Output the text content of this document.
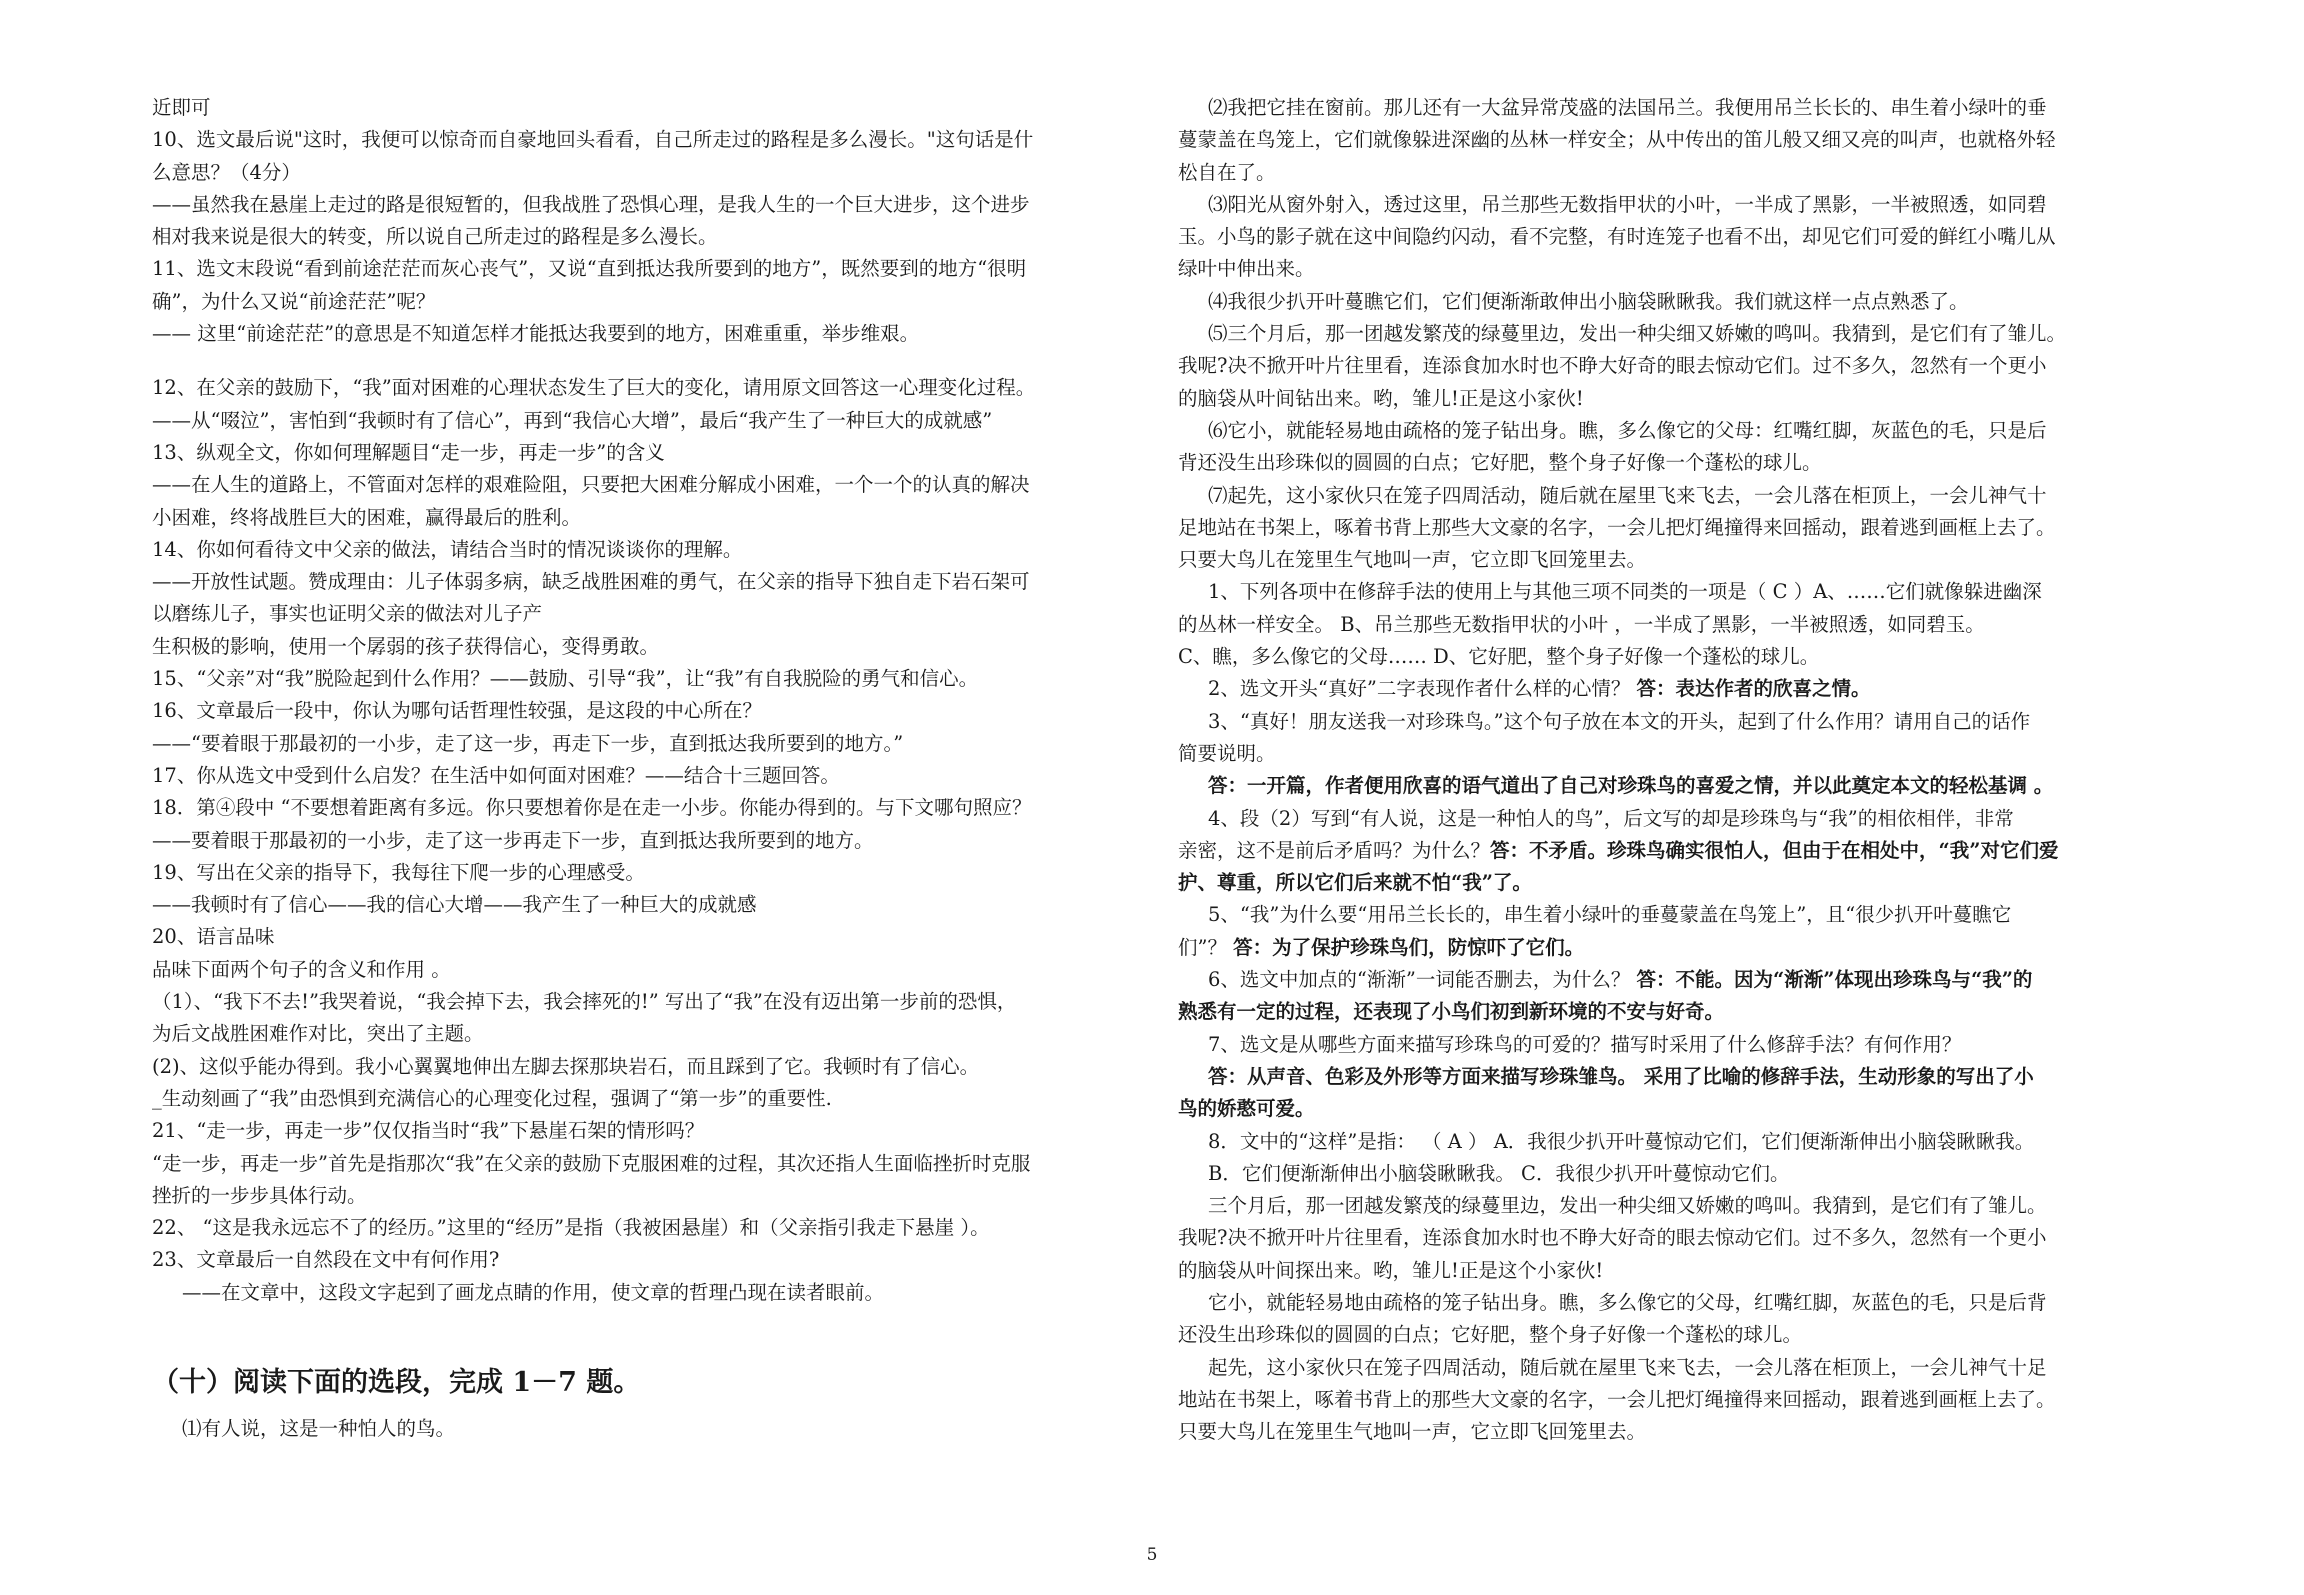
近即可
10、选文最后说"这时，我便可以惊奇而自豪地回头看看，自己所走过的路程是多么漫长。"这句话是什
么意思？（4分）
——虽然我在悬崖上走过的路是很短暂的，但我战胜了恐惧心理，是我人生的一个巨大进步，这个进步
相对我来说是很大的转变，所以说自己所走过的路程是多么漫长。
11、选文末段说“看到前途茫茫而灰心丧气”，又说“直到抵达我所要到的地方”，既然要到的地方“很明
确”，为什么又说“前途茫茫”呢？
—— 这里“前途茫茫”的意思是不知道怎样才能抵达我要到的地方，困难重重，举步维艰。
12、在父亲的鼓励下，“我”面对困难的心理状态发生了巨大的变化，请用原文回答这一心理变化过程。
——从“啜泣”，害怕到“我顿时有了信心”，再到“我信心大增”，最后“我产生了一种巨大的成就感”
13、纵观全文，你如何理解题目“走一步，再走一步”的含义
——在人生的道路上，不管面对怎样的艰难险阻，只要把大困难分解成小困难，一个一个的认真的解决
小困难，终将战胜巨大的困难，赢得最后的胜利。
14、你如何看待文中父亲的做法，请结合当时的情况谈谈你的理解。
——开放性试题。赞成理由：儿子体弱多病，缺乏战胜困难的勇气，在父亲的指导下独自走下岩石架可
以磨练儿子，事实也证明父亲的做法对儿子产
生积极的影响，使用一个孱弱的孩子获得信心，变得勇敢。
15、“父亲”对“我”脱险起到什么作用？——鼓励、引导“我”，让“我”有自我脱险的勇气和信心。
16、文章最后一段中，你认为哪句话哲理性较强，是这段的中心所在？
——“要着眼于那最初的一小步，走了这一步，再走下一步，直到抵达我所要到的地方。”
17、你从选文中受到什么启发？在生活中如何面对困难？——结合十三题回答。
18．第④段中 “不要想着距离有多远。你只要想着你是在走一小步。你能办得到的。与下文哪句照应？
——要着眼于那最初的一小步，走了这一步再走下一步，直到抵达我所要到的地方。
19、写出在父亲的指导下，我每往下爬一步的心理感受。
——我顿时有了信心——我的信心大增——我产生了一种巨大的成就感
20、语言品味
品味下面两个句子的含义和作用 。
（1）、“我下不去!”我哭着说，“我会掉下去，我会摔死的!” 写出了“我”在没有迈出第一步前的恐惧，
为后文战胜困难作对比，突出了主题。
(2)、这似乎能办得到。我小心翼翼地伸出左脚去探那块岩石，而且踩到了它。我顿时有了信心。
_生动刻画了“我”由恐惧到充满信心的心理变化过程，强调了“第一步”的重要性.
21、“走一步，再走一步”仅仅指当时“我”下悬崖石架的情形吗？
“走一步，再走一步”首先是指那次“我”在父亲的鼓励下克服困难的过程，其次还指人生面临挫折时克服
挫折的一步步具体行动。
22、 “这是我永远忘不了的经历。”这里的“经历”是指（我被困悬崖）和（父亲指引我走下悬崖 ）。
23、文章最后一自然段在文中有何作用?
——在文章中，这段文字起到了画龙点睛的作用，使文章的哲理凸现在读者眼前。
（十）阅读下面的选段，完成 1－7 题。
⑴有人说，这是一种怕人的鸟。
⑵我把它挂在窗前。那儿还有一大盆异常茂盛的法国吊兰。我便用吊兰长长的、串生着小绿叶的垂
蔓蒙盖在鸟笼上，它们就像躲进深幽的丛林一样安全；从中传出的笛儿般又细又亮的叫声，也就格外轻
松自在了。
⑶阳光从窗外射入，透过这里，吊兰那些无数指甲状的小叶，一半成了黑影，一半被照透，如同碧
玉。小鸟的影子就在这中间隐约闪动，看不完整，有时连笼子也看不出，却见它们可爱的鲜红小嘴儿从
绿叶中伸出来。
⑷我很少扒开叶蔓瞧它们，它们便渐渐敢伸出小脑袋瞅瞅我。我们就这样一点点熟悉了。
⑸三个月后，那一团越发繁茂的绿蔓里边，发出一种尖细又娇嫩的鸣叫。我猜到，是它们有了雏儿。
我呢?决不掀开叶片往里看，连添食加水时也不睁大好奇的眼去惊动它们。过不多久，忽然有一个更小
的脑袋从叶间钻出来。哟，雏儿!正是这小家伙!
⑹它小，就能轻易地由疏格的笼子钻出身。瞧，多么像它的父母：红嘴红脚，灰蓝色的毛，只是后
背还没生出珍珠似的圆圆的白点；它好肥，整个身子好像一个蓬松的球儿。
⑺起先，这小家伙只在笼子四周活动，随后就在屋里飞来飞去，一会儿落在柜顶上，一会儿神气十
足地站在书架上，啄着书背上那些大文豪的名字，一会儿把灯绳撞得来回摇动，跟着逃到画框上去了。
只要大鸟儿在笼里生气地叫一声，它立即飞回笼里去。
1、下列各项中在修辞手法的使用上与其他三项不同类的一项是（ C ）A、……它们就像躲进幽深
的丛林一样安全。 B、吊兰那些无数指甲状的小叶 ，一半成了黑影，一半被照透，如同碧玉。
C、瞧，多么像它的父母…… D、它好肥，整个身子好像一个蓬松的球儿。
2、选文开头“真好”二字表现作者什么样的心情？ 答：表达作者的欣喜之情。
3、“真好！朋友送我一对珍珠鸟。”这个句子放在本文的开头，起到了什么作用？请用自己的话作
简要说明。
答：一开篇，作者便用欣喜的语气道出了自己对珍珠鸟的喜爱之情，并以此奠定本文的轻松基调 。
4、段（2）写到“有人说，这是一种怕人的鸟”，后文写的却是珍珠鸟与“我”的相依相伴，非常
亲密，这不是前后矛盾吗？为什么？答：不矛盾。珍珠鸟确实很怕人，但由于在相处中，“我”对它们爱
护、尊重，所以它们后来就不怕“我”了。
5、“我”为什么要“用吊兰长长的，串生着小绿叶的垂蔓蒙盖在鸟笼上”，且“很少扒开叶蔓瞧它
们”？ 答：为了保护珍珠鸟们，防惊吓了它们。
6、选文中加点的“渐渐”一词能否删去，为什么？ 答：不能。因为“渐渐”体现出珍珠鸟与“我”的
熟悉有一定的过程，还表现了小鸟们初到新环境的不安与好奇。
7、选文是从哪些方面来描写珍珠鸟的可爱的？描写时采用了什么修辞手法？有何作用？
答：从声音、色彩及外形等方面来描写珍珠雏鸟。 采用了比喻的修辞手法，生动形象的写出了小
鸟的娇憨可爱。
8．文中的“这样”是指： （ A ） A．我很少扒开叶蔓惊动它们，它们便渐渐伸出小脑袋瞅瞅我。
B．它们便渐渐伸出小脑袋瞅瞅我。 C．我很少扒开叶蔓惊动它们。
三个月后，那一团越发繁茂的绿蔓里边，发出一种尖细又娇嫩的鸣叫。我猜到，是它们有了雏儿。
我呢?决不掀开叶片往里看，连添食加水时也不睁大好奇的眼去惊动它们。过不多久，忽然有一个更小
的脑袋从叶间探出来。哟，雏儿!正是这个小家伙!
它小，就能轻易地由疏格的笼子钻出身。瞧，多么像它的父母，红嘴红脚，灰蓝色的毛，只是后背
还没生出珍珠似的圆圆的白点；它好肥，整个身子好像一个蓬松的球儿。
起先，这小家伙只在笼子四周活动，随后就在屋里飞来飞去，一会儿落在柜顶上，一会儿神气十足
地站在书架上，啄着书背上的那些大文豪的名字，一会儿把灯绳撞得来回摇动，跟着逃到画框上去了。
只要大鸟儿在笼里生气地叫一声，它立即飞回笼里去。
5
